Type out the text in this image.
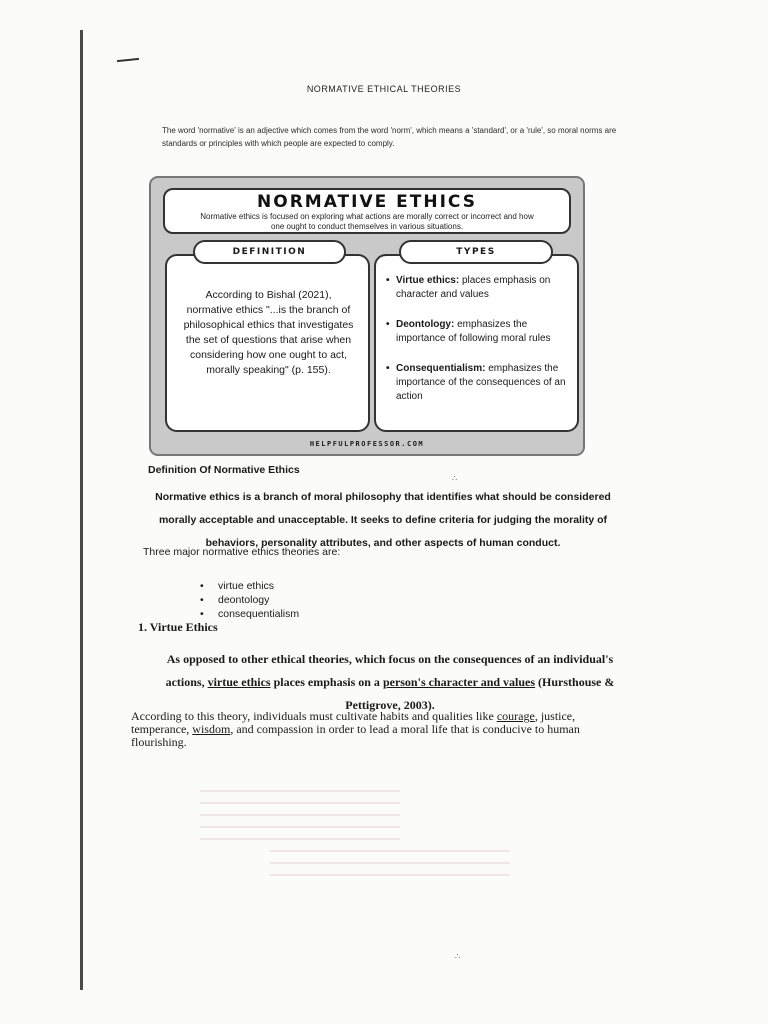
NORMATIVE ETHICAL THEORIES
The word 'normative' is an adjective which comes from the word 'norm', which means a 'standard', or a 'rule', so moral norms are standards or principles with which people are expected to comply.
NORMATIVE ETHICS
Normative ethics is focused on exploring what actions are morally correct or incorrect and how one ought to conduct themselves in various situations.
DEFINITION	TYPES
According to Bishal (2021), normative ethics "...is the branch of philosophical ethics that investigates the set of questions that arise when considering how one ought to act, morally speaking" (p. 155).
• Virtue ethics: places emphasis on character and values
• Deontology: emphasizes the importance of following moral rules
• Consequentialism: emphasizes the importance of the consequences of an action
HELPFULPROFESSOR.COM
Definition Of Normative Ethics
Normative ethics is a branch of moral philosophy that identifies what should be considered morally acceptable and unacceptable. It seeks to define criteria for judging the morality of behaviors, personality attributes, and other aspects of human conduct.
Three major normative ethics theories are:
• virtue ethics
• deontology
• consequentialism
1. Virtue Ethics
As opposed to other ethical theories, which focus on the consequences of an individual's actions, virtue ethics places emphasis on a person's character and values (Hursthouse & Pettigrove, 2003).
According to this theory, individuals must cultivate habits and qualities like courage, justice, temperance, wisdom, and compassion in order to lead a moral life that is conducive to human flourishing.
∴
∴
